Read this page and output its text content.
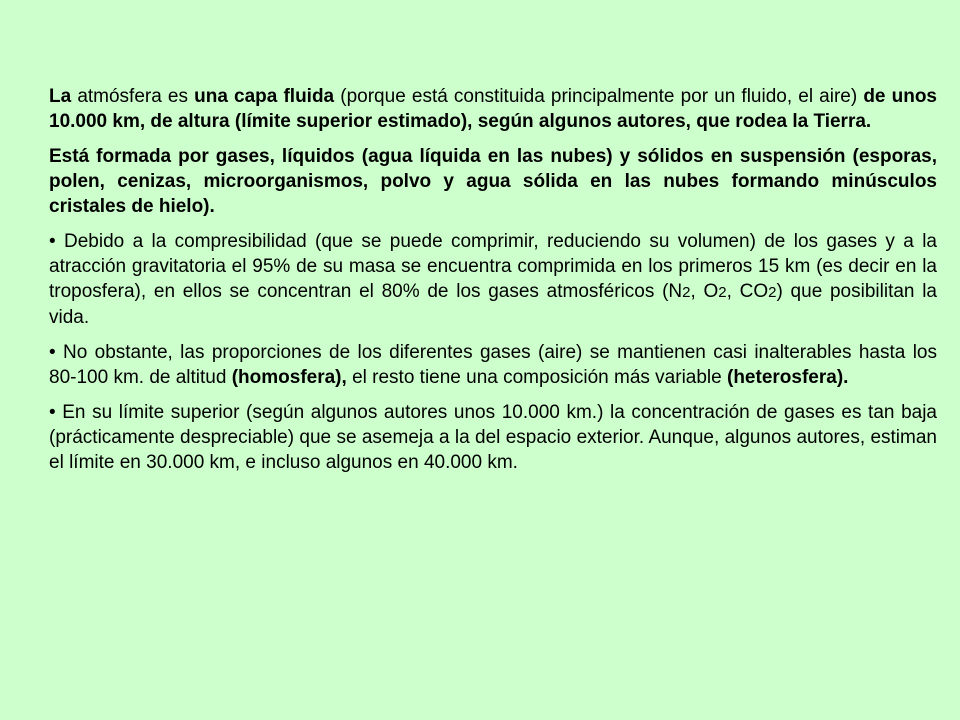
La atmósfera es una capa fluida (porque está constituida principalmente por un fluido, el aire) de unos 10.000 km, de altura (límite superior estimado), según algunos autores, que rodea la Tierra.

Está formada por gases, líquidos (agua líquida en las nubes) y sólidos en suspensión (esporas, polen, cenizas, microorganismos, polvo y agua sólida en las nubes formando minúsculos cristales de hielo).

• Debido a la compresibilidad (que se puede comprimir, reduciendo su volumen) de los gases y a la atracción gravitatoria el 95% de su masa se encuentra comprimida en los primeros 15 km (es decir en la troposfera), en ellos se concentran el 80% de los gases atmosféricos (N2, O2, CO2) que posibilitan la vida.

• No obstante, las proporciones de los diferentes gases (aire) se mantienen casi inalterables hasta los 80-100 km. de altitud (homosfera), el resto tiene una composición más variable (heterosfera).

• En su límite superior (según algunos autores unos 10.000 km.) la concentración de gases es tan baja (prácticamente despreciable) que se asemeja a la del espacio exterior. Aunque, algunos autores, estiman el límite en 30.000 km, e incluso algunos en 40.000 km.
